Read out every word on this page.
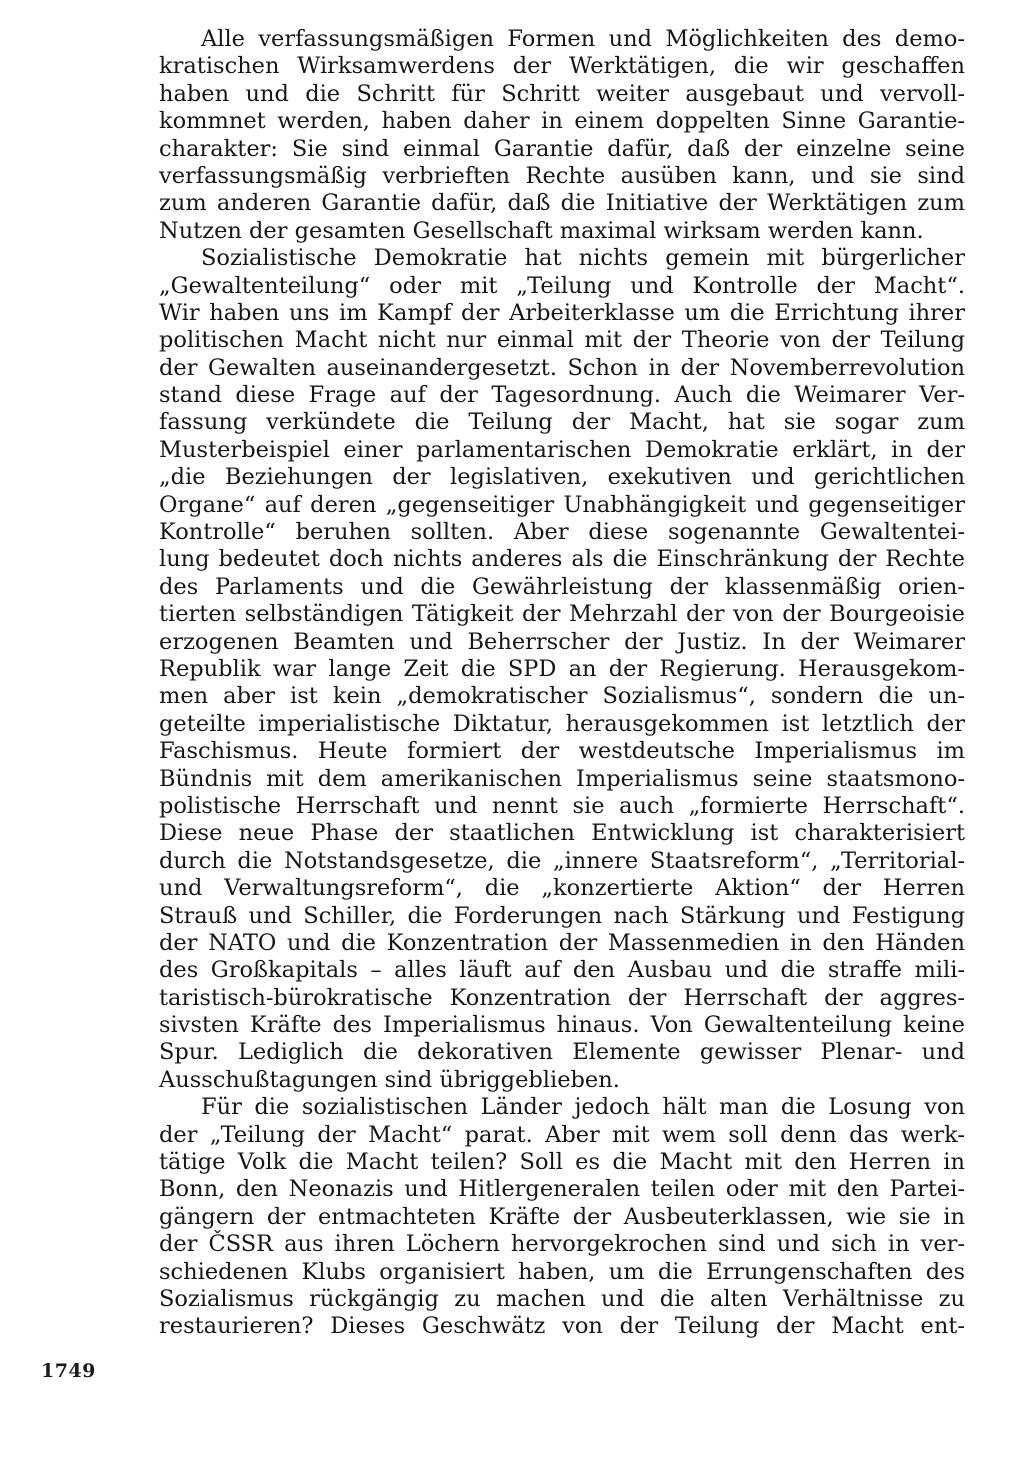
Alle verfassungsmäßigen Formen und Möglichkeiten des demo-
kratischen Wirksamwerdens der Werktätigen, die wir geschaffen
haben und die Schritt für Schritt weiter ausgebaut und vervoll-
kommnet werden, haben daher in einem doppelten Sinne Garantie-
charakter: Sie sind einmal Garantie dafür, daß der einzelne seine
verfassungsmäßig verbrieften Rechte ausüben kann, und sie sind
zum anderen Garantie dafür, daß die Initiative der Werktätigen zum
Nutzen der gesamten Gesellschaft maximal wirksam werden kann.
Sozialistische Demokratie hat nichts gemein mit bürgerlicher
„Gewaltenteilung“ oder mit „Teilung und Kontrolle der Macht“.
Wir haben uns im Kampf der Arbeiterklasse um die Errichtung ihrer
politischen Macht nicht nur einmal mit der Theorie von der Teilung
der Gewalten auseinandergesetzt. Schon in der Novemberrevolution
stand diese Frage auf der Tagesordnung. Auch die Weimarer Ver-
fassung verkündete die Teilung der Macht, hat sie sogar zum
Musterbeispiel einer parlamentarischen Demokratie erklärt, in der
„die Beziehungen der legislativen, exekutiven und gerichtlichen
Organe“ auf deren „gegenseitiger Unabhängigkeit und gegenseitiger
Kontrolle“ beruhen sollten. Aber diese sogenannte Gewaltentei-
lung bedeutet doch nichts anderes als die Einschränkung der Rechte
des Parlaments und die Gewährleistung der klassenmäßig orien-
tierten selbständigen Tätigkeit der Mehrzahl der von der Bourgeoisie
erzogenen Beamten und Beherrscher der Justiz. In der Weimarer
Republik war lange Zeit die SPD an der Regierung. Herausgekom-
men aber ist kein „demokratischer Sozialismus“, sondern die un-
geteilte imperialistische Diktatur, herausgekommen ist letztlich der
Faschismus. Heute formiert der westdeutsche Imperialismus im
Bündnis mit dem amerikanischen Imperialismus seine staatsmono-
polistische Herrschaft und nennt sie auch „formierte Herrschaft“.
Diese neue Phase der staatlichen Entwicklung ist charakterisiert
durch die Notstandsgesetze, die „innere Staatsreform“, „Territorial-
und Verwaltungsreform“, die „konzertierte Aktion“ der Herren
Strauß und Schiller, die Forderungen nach Stärkung und Festigung
der NATO und die Konzentration der Massenmedien in den Händen
des Großkapitals – alles läuft auf den Ausbau und die straffe mili-
taristisch-bürokratische Konzentration der Herrschaft der aggres-
sivsten Kräfte des Imperialismus hinaus. Von Gewaltenteilung keine
Spur. Lediglich die dekorativen Elemente gewisser Plenar- und
Ausschußtagungen sind übriggeblieben.
Für die sozialistischen Länder jedoch hält man die Losung von
der „Teilung der Macht“ parat. Aber mit wem soll denn das werk-
tätige Volk die Macht teilen? Soll es die Macht mit den Herren in
Bonn, den Neonazis und Hitlergeneralen teilen oder mit den Partei-
gängern der entmachteten Kräfte der Ausbeuterklassen, wie sie in
der ČSSR aus ihren Löchern hervorgekrochen sind und sich in ver-
schiedenen Klubs organisiert haben, um die Errungenschaften des
Sozialismus rückgängig zu machen und die alten Verhältnisse zu
restaurieren? Dieses Geschwätz von der Teilung der Macht ent-
1749
